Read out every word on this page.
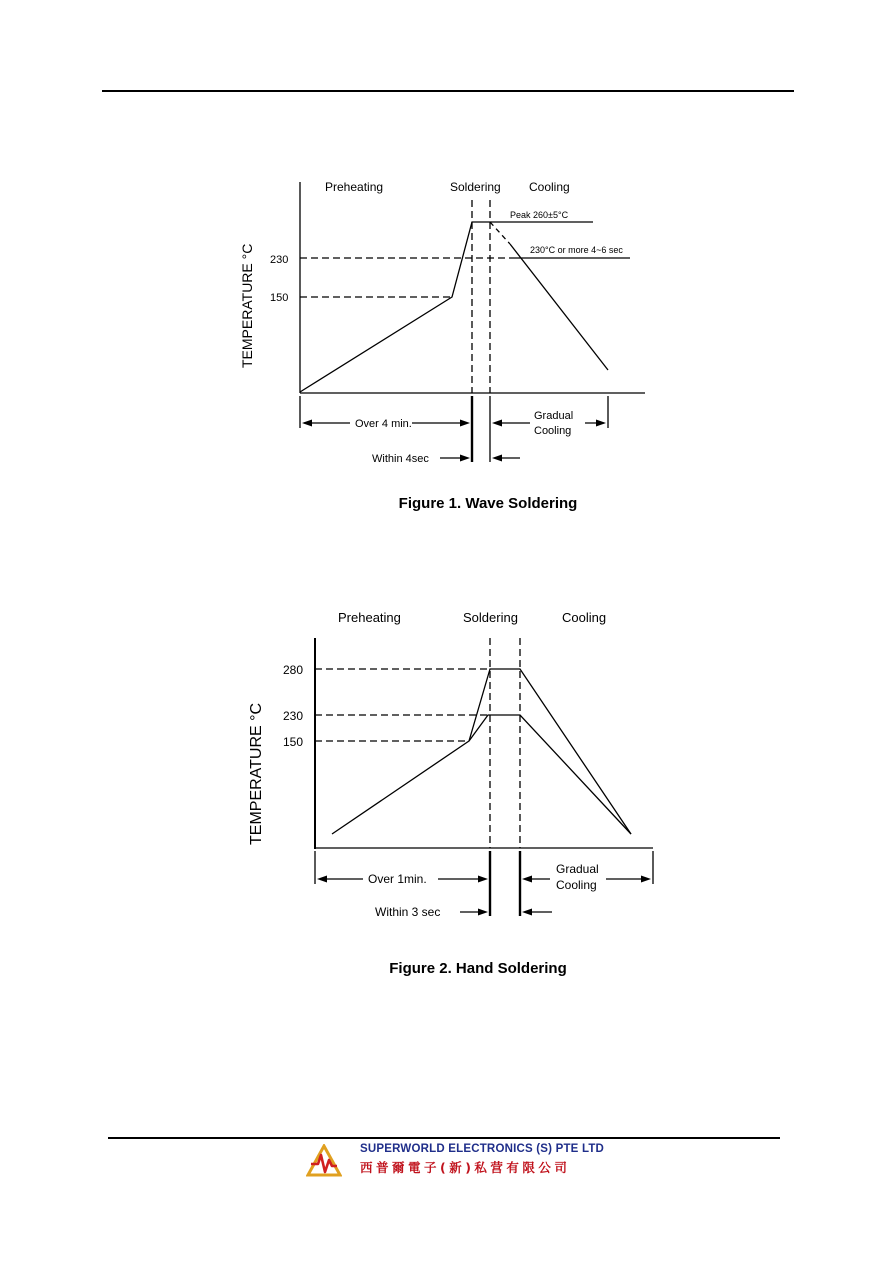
Preheating	Soldering Cooling
230
150
TEMPERATURE °C
Peak 260±5°C
230°C or more 4~6 sec
Over 4 min.
Gradual
Cooling
Within 4sec
Figure 1. Wave Soldering
Preheating	Soldering	Cooling
280
230
150
TEMPERATURE °C
Over 1min.
Gradual
Cooling
Within 3 sec
Figure 2. Hand Soldering
SUPERWORLD ELECTRONICS (S) PTE LTD
西普爾電子(新)私营有限公司
